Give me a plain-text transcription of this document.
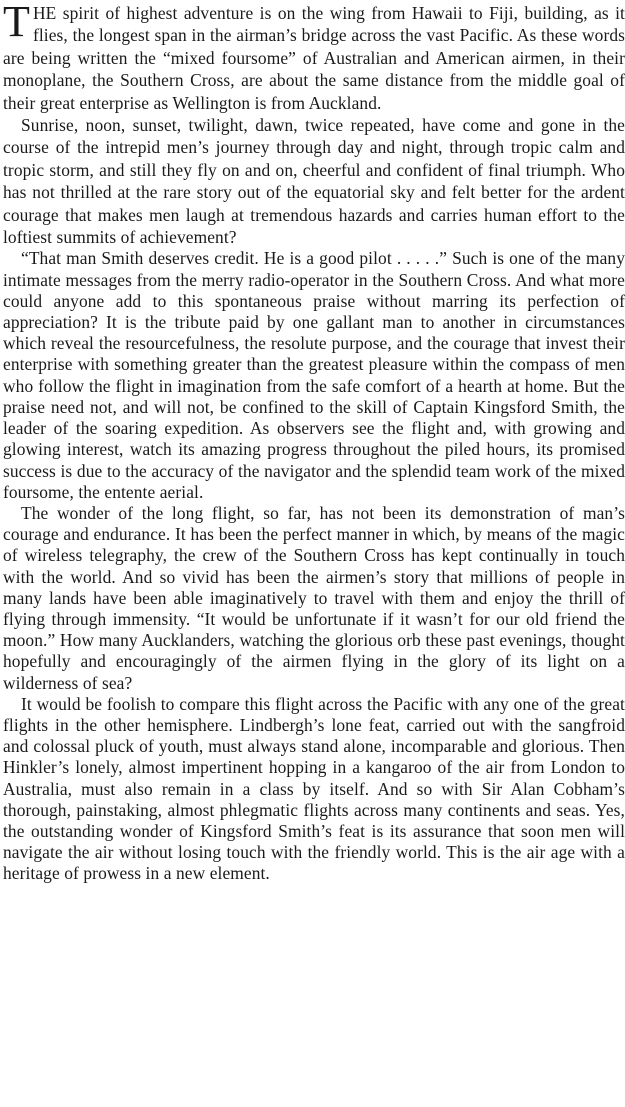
THE spirit of highest adventure is on the wing from Hawaii to Fiji, building, as it flies, the longest span in the airman’s bridge across the vast Pacific. As these words are being written the “mixed foursome” of Australian and American airmen, in their monoplane, the Southern Cross, are about the same distance from the middle goal of their great enterprise as Wellington is from Auckland.

Sunrise, noon, sunset, twilight, dawn, twice repeated, have come and gone in the course of the intrepid men’s journey through day and night, through tropic calm and tropic storm, and still they fly on and on, cheerful and confident of final triumph. Who has not thrilled at the rare story out of the equatorial sky and felt better for the ardent courage that makes men laugh at tremendous hazards and carries human effort to the loftiest summits of achievement?

“That man Smith deserves credit. He is a good pilot . . . . .” Such is one of the many intimate messages from the merry radio-operator in the Southern Cross. And what more could anyone add to this spontaneous praise without marring its perfection of appreciation? It is the tribute paid by one gallant man to another in circumstances which reveal the resourcefulness, the resolute purpose, and the courage that invest their enterprise with something greater than the greatest pleasure within the compass of men who follow the flight in imagination from the safe comfort of a hearth at home. But the praise need not, and will not, be confined to the skill of Captain Kingsford Smith, the leader of the soaring expedition. As observers see the flight and, with growing and glowing interest, watch its amazing progress throughout the piled hours, its promised success is due to the accuracy of the navigator and the splendid team work of the mixed foursome, the entente aerial.

The wonder of the long flight, so far, has not been its demonstration of man’s courage and endurance. It has been the perfect manner in which, by means of the magic of wireless telegraphy, the crew of the Southern Cross has kept continually in touch with the world. And so vivid has been the airmen’s story that millions of people in many lands have been able imaginatively to travel with them and enjoy the thrill of flying through immensity. “It would be unfortunate if it wasn’t for our old friend the moon.” How many Aucklanders, watching the glorious orb these past evenings, thought hopefully and encouragingly of the airmen flying in the glory of its light on a wilderness of sea?

It would be foolish to compare this flight across the Pacific with any one of the great flights in the other hemisphere. Lindbergh’s lone feat, carried out with the sangfroid and colossal pluck of youth, must always stand alone, incomparable and glorious. Then Hinkler’s lonely, almost impertinent hopping in a kangaroo of the air from London to Australia, must also remain in a class by itself. And so with Sir Alan Cobham’s thorough, painstaking, almost phlegmatic flights across many continents and seas. Yes, the outstanding wonder of Kingsford Smith’s feat is its assurance that soon men will navigate the air without losing touch with the friendly world. This is the air age with a heritage of prowess in a new element.
